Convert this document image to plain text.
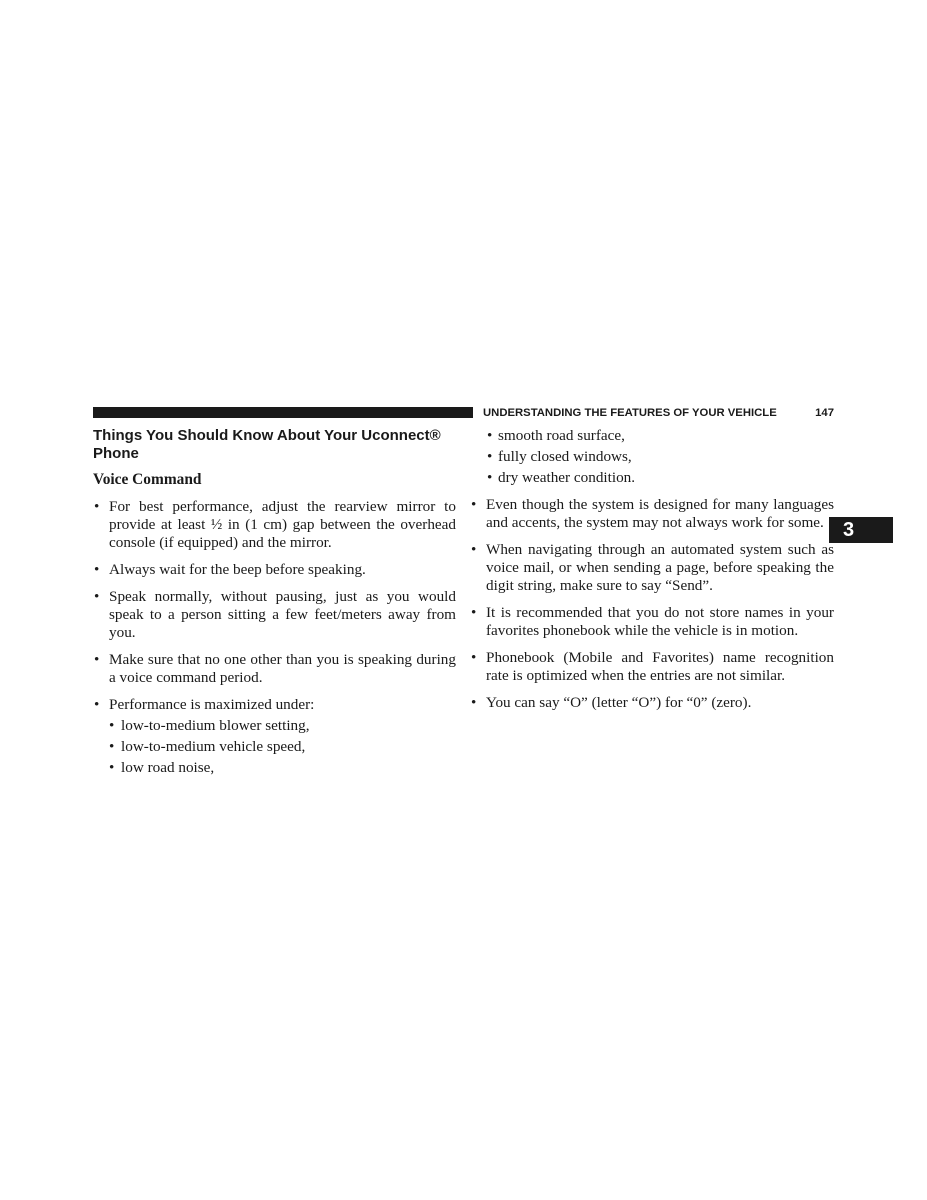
UNDERSTANDING THE FEATURES OF YOUR VEHICLE	147
3
Things You Should Know About Your Uconnect® Phone
Voice Command
• For best performance, adjust the rearview mirror to provide at least ½ in (1 cm) gap between the overhead console (if equipped) and the mirror.
• Always wait for the beep before speaking.
• Speak normally, without pausing, just as you would speak to a person sitting a few feet/meters away from you.
• Make sure that no one other than you is speaking during a voice command period.
• Performance is maximized under:
• low-to-medium blower setting,
• low-to-medium vehicle speed,
• low road noise,
• smooth road surface,
• fully closed windows,
• dry weather condition.
• Even though the system is designed for many languages and accents, the system may not always work for some.
• When navigating through an automated system such as voice mail, or when sending a page, before speaking the digit string, make sure to say “Send”.
• It is recommended that you do not store names in your favorites phonebook while the vehicle is in motion.
• Phonebook (Mobile and Favorites) name recognition rate is optimized when the entries are not similar.
• You can say “O” (letter “O”) for “0” (zero).
